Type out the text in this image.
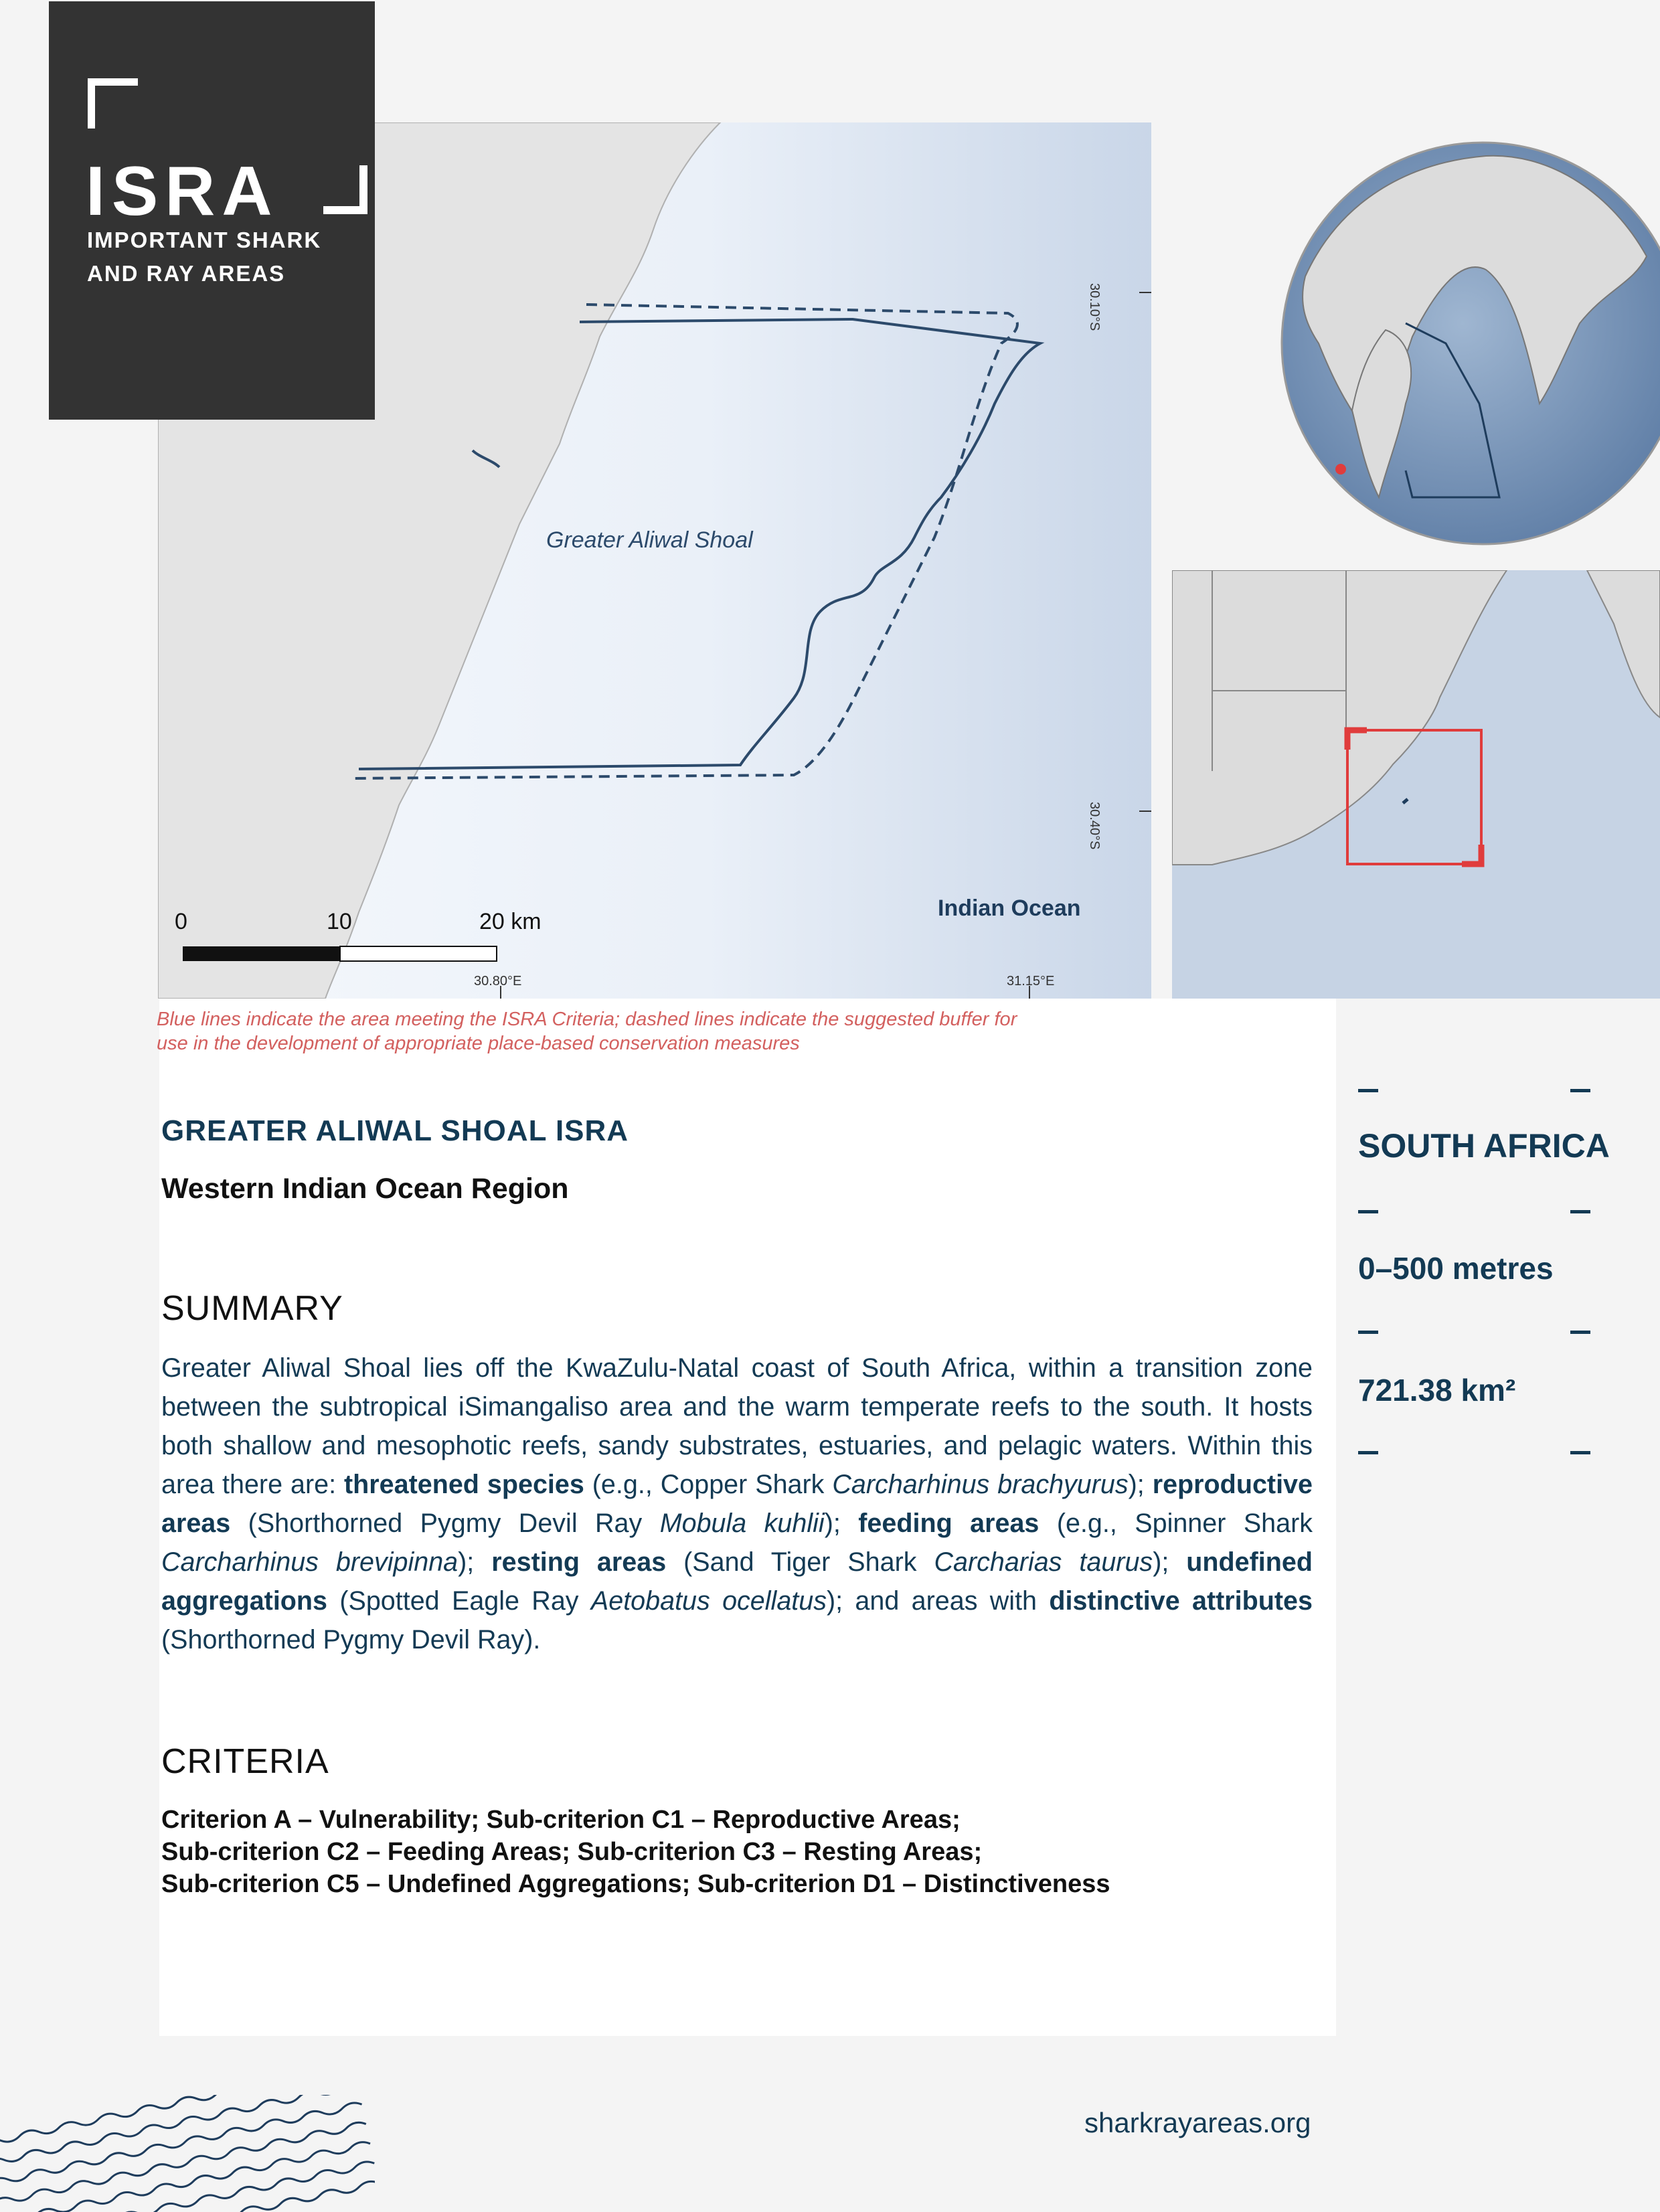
Greater Aliwal Shoal
Indian Ocean
0	10	20 km
30.80°E	31.15°E
30.10°S
30.40°S
ISRA
IMPORTANT SHARK
AND RAY AREAS
Blue lines indicate the area meeting the ISRA Criteria; dashed lines indicate the suggested buffer for
use in the development of appropriate place-based conservation measures
GREATER ALIWAL SHOAL ISRA
Western Indian Ocean Region
SUMMARY
Greater Aliwal Shoal lies off the KwaZulu-Natal coast of South Africa, within a transition zone between the subtropical iSimangaliso area and the warm temperate reefs to the south. It hosts both shallow and mesophotic reefs, sandy substrates, estuaries, and pelagic waters. Within this area there are: threatened species (e.g., Copper Shark Carcharhinus brachyurus); reproductive areas (Shorthorned Pygmy Devil Ray Mobula kuhlii); feeding areas (e.g., Spinner Shark Carcharhinus brevipinna); resting areas (Sand Tiger Shark Carcharias taurus); undefined aggregations (Spotted Eagle Ray Aetobatus ocellatus); and areas with distinctive attributes (Shorthorned Pygmy Devil Ray).
CRITERIA
Criterion A – Vulnerability; Sub-criterion C1 – Reproductive Areas;
Sub-criterion C2 – Feeding Areas; Sub-criterion C3 – Resting Areas;
Sub-criterion C5 – Undefined Aggregations; Sub-criterion D1 – Distinctiveness
SOUTH AFRICA
0–500 metres
721.38 km²
sharkrayareas.org
